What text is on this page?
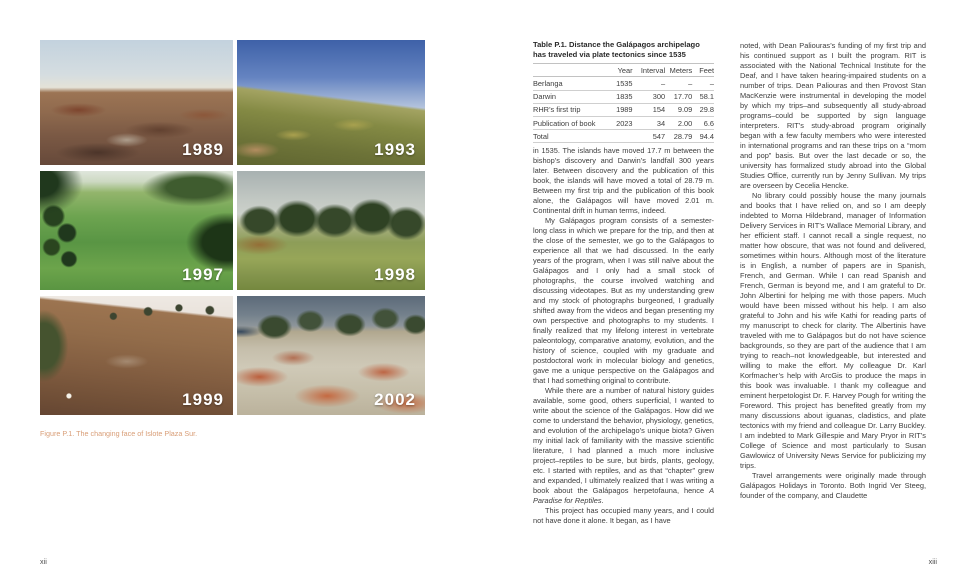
1989	1993
1997	1998
1999	2002
Figure P.1. The changing face of Islote Plaza Sur.
xii
Table P.1. Distance the Galápagos archipelago
has traveled via plate tectonics since 1535
	Year	Interval	Meters	Feet
Berlanga	1535	–	–	–
Darwin	1835	300	17.70	58.1
RHR’s first trip	1989	154	9.09	29.8
Publication of book	2023	34	2.00	6.6
Total		547	28.79	94.4

in 1535. The islands have moved 17.7 m between the bishop’s discovery and Darwin’s landfall 300 years later. Between discovery and the publication of this book, the islands will have moved a total of 28.79 m. Between my first trip and the publication of this book alone, the Galápagos will have moved 2.01 m. Continental drift in human terms, indeed.

My Galápagos program consists of a semester-long class in which we prepare for the trip, and then at the close of the semester, we go to the Galápagos to experience all that we had discussed. In the early years of the program, when I was still naïve about the Galápagos and I only had a small stock of photographs, the course involved watching and discussing videotapes. But as my understanding grew and my stock of photographs burgeoned, I gradually shifted away from the videos and began presenting my own perspective and photographs to my students. I finally realized that my lifelong interest in vertebrate paleontology, comparative anatomy, evolution, and the history of science, coupled with my graduate and postdoctoral work in molecular biology and genetics, gave me a unique perspective on the Galápagos and that I had something original to contribute.

While there are a number of natural history guides available, some good, others superficial, I wanted to write about the science of the Galápagos. How did we come to understand the behavior, physiology, genetics, and evolution of the archipelago’s unique biota? Given my initial lack of familiarity with the massive scientific literature, I had planned a much more inclusive project–reptiles to be sure, but birds, plants, geology, etc. I started with reptiles, and as that “chapter” grew and expanded, I ultimately realized that I was writing a book about the Galápagos herpetofauna, hence A Paradise for Reptiles.

This project has occupied many years, and I could not have done it alone. It began, as I have

noted, with Dean Paliouras’s funding of my first trip and his continued support as I built the program. RIT is associated with the National Technical Institute for the Deaf, and I have taken hearing-impaired students on a number of trips. Dean Paliouras and then Provost Stan MacKenzie were instrumental in developing the model by which my trips–and subsequently all study-abroad programs–could be supported by sign language interpreters. RIT’s study-abroad program originally began with a few faculty members who were interested in international programs and ran these trips on a “mom and pop” basis. But over the last decade or so, the university has formalized study abroad into the Global Studies Office, currently run by Jenny Sullivan. My trips are overseen by Cecelia Hencke.

No library could possibly house the many journals and books that I have relied on, and so I am deeply indebted to Morna Hildebrand, manager of Information Delivery Services in RIT’s Wallace Memorial Library, and her efficient staff. I cannot recall a single request, no matter how obscure, that was not found and delivered, sometimes within hours. Although most of the literature is in English, a number of papers are in Spanish, French, and German. While I can read Spanish and French, German is beyond me, and I am grateful to Dr. John Albertini for helping me with those papers. Much would have been missed without his help. I am also grateful to John and his wife Kathi for reading parts of my manuscript to check for clarity. The Albertinis have traveled with me to Galápagos but do not have science backgrounds, so they are part of the audience that I am trying to reach–not knowledgeable, but interested and willing to make the effort. My colleague Dr. Karl Korfmacher’s help with ArcGis to produce the maps in this book was invaluable. I thank my colleague and eminent herpetologist Dr. F. Harvey Pough for writing the Foreword. This project has benefited greatly from my many discussions about iguanas, cladistics, and plate tectonics with my friend and colleague Dr. Larry Buckley. I am indebted to Mark Gillespie and Mary Pryor in RIT’s College of Science and most particularly to Susan Gawlowicz of University News Service for publicizing my trips.

Travel arrangements were originally made through Galápagos Holidays in Toronto. Both Ingrid Ver Steeg, founder of the company, and Claudette

xiii
